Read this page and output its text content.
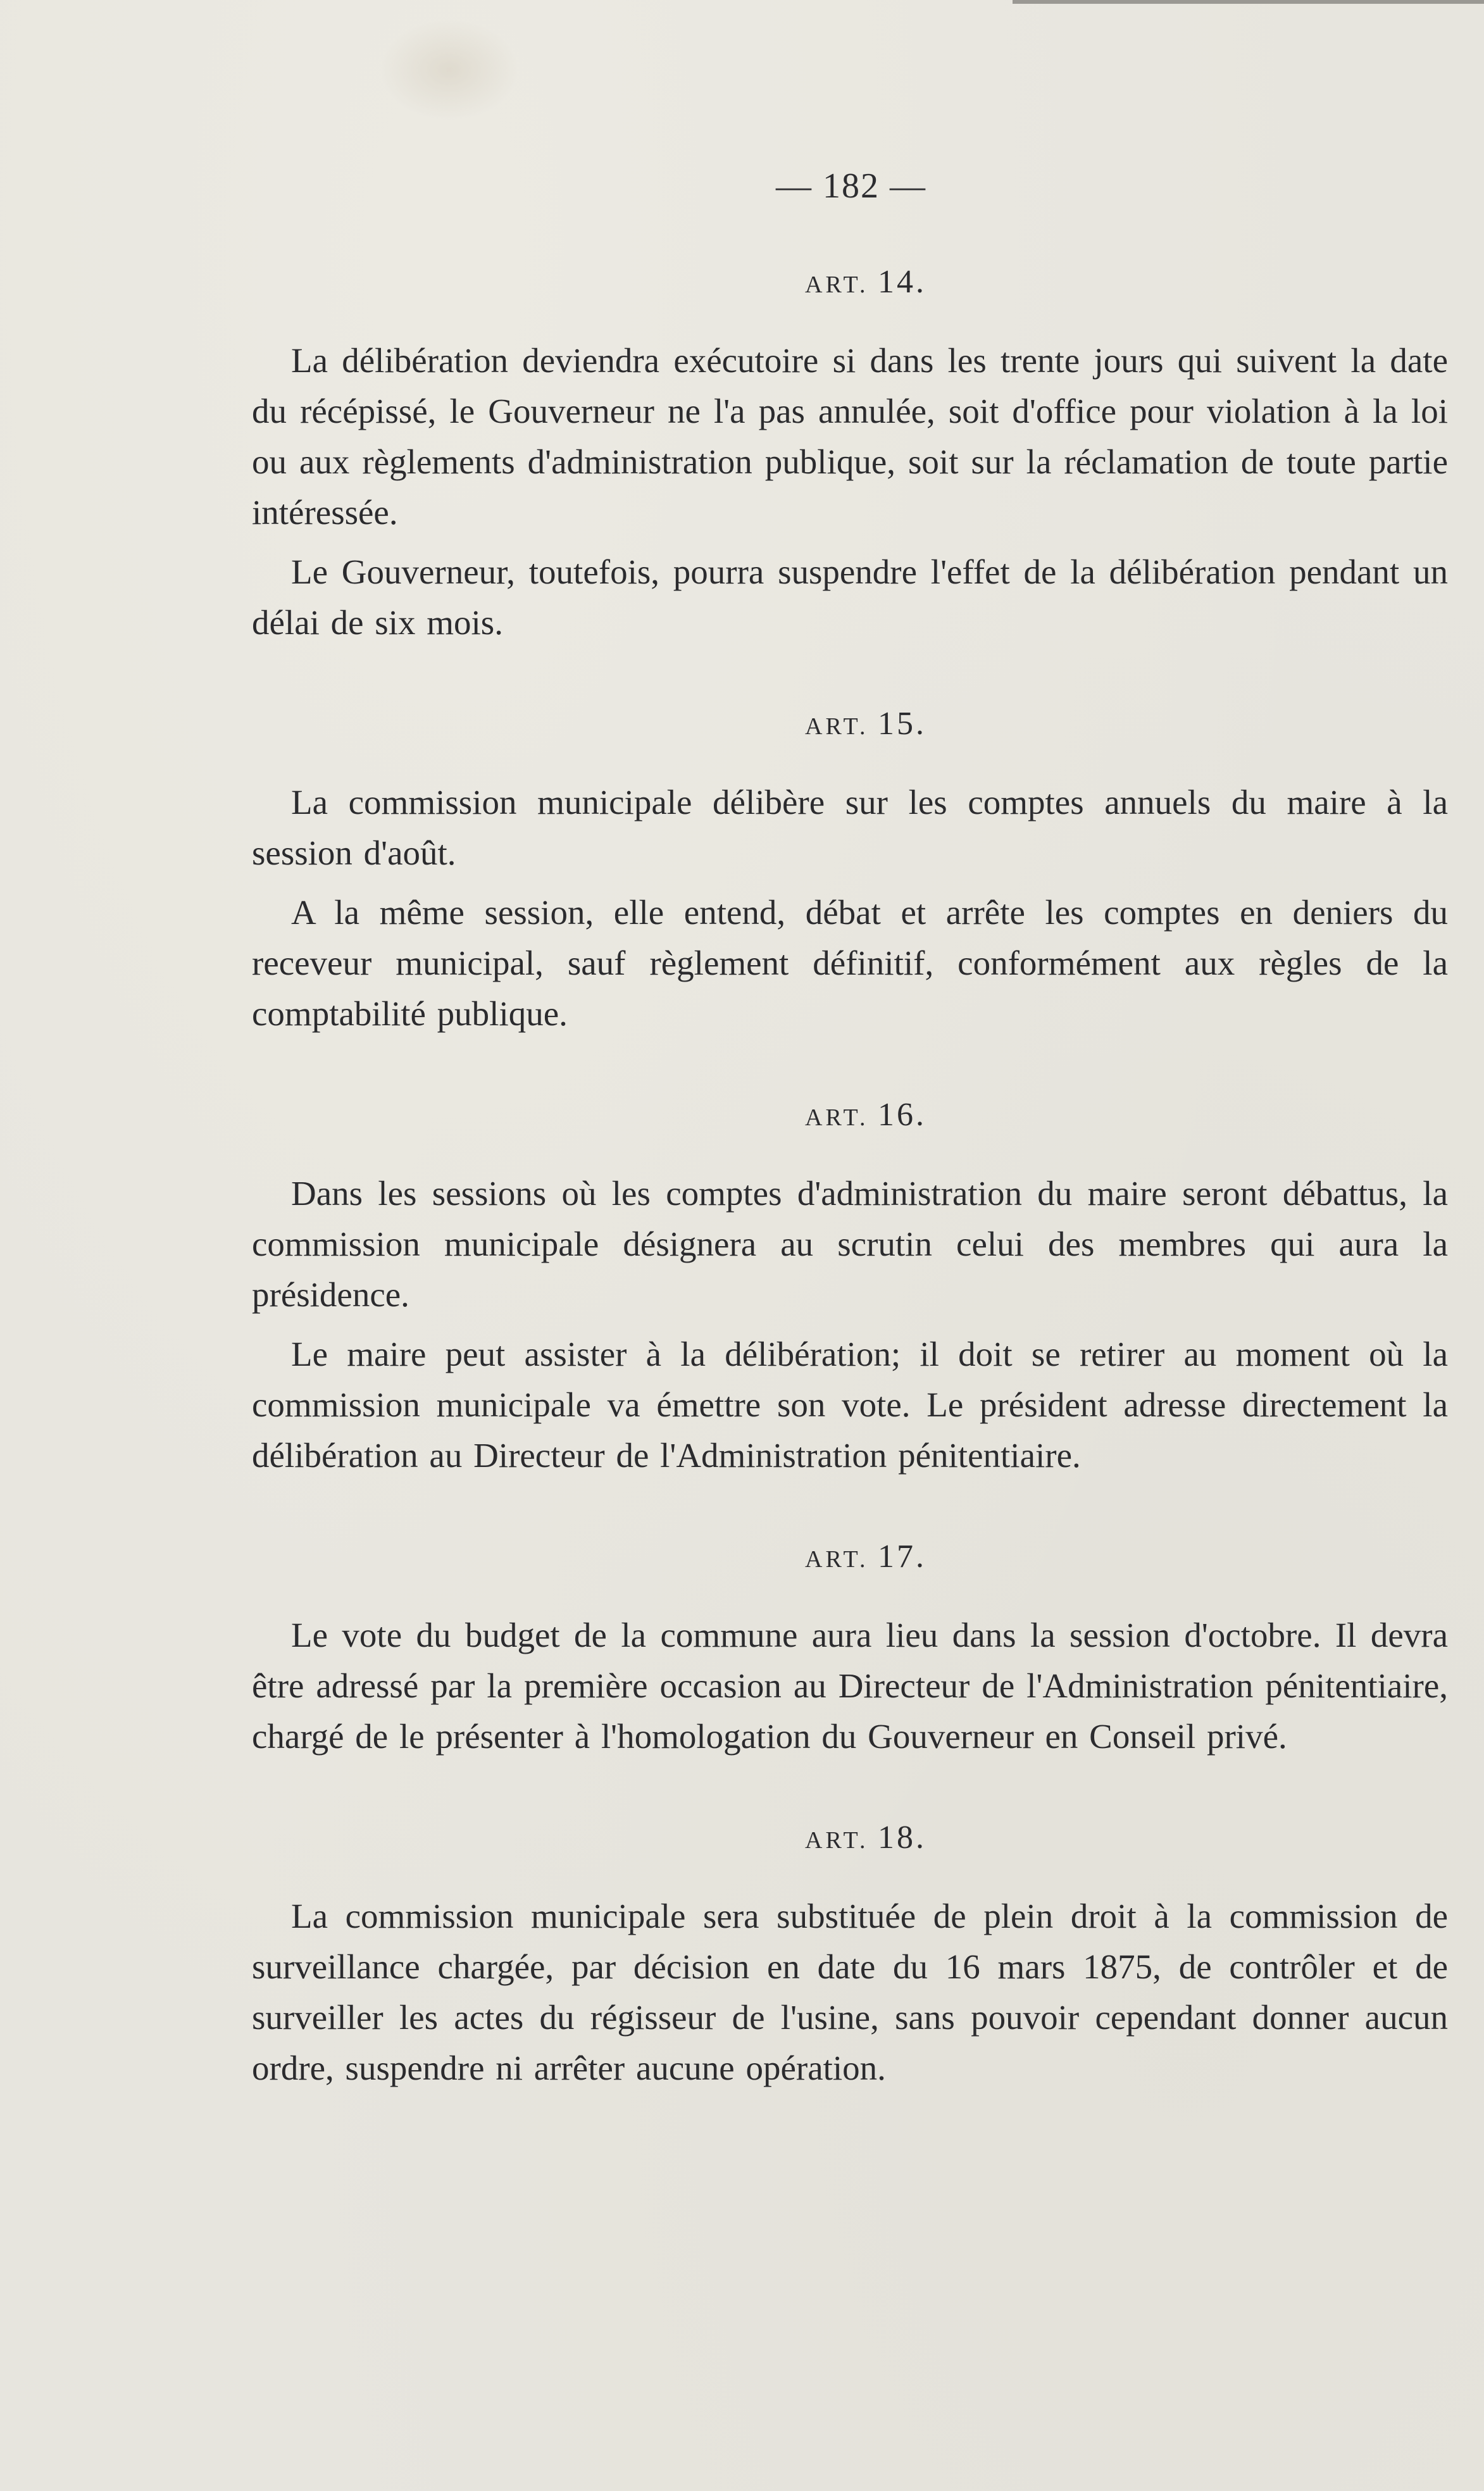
— 182 —
ART. 14.

La délibération deviendra exécutoire si dans les trente jours qui suivent la date du récépissé, le Gouverneur ne l'a pas annulée, soit d'office pour violation à la loi ou aux règlements d'administration publique, soit sur la réclamation de toute partie intéressée.

Le Gouverneur, toutefois, pourra suspendre l'effet de la délibération pendant un délai de six mois.

ART. 15.

La commission municipale délibère sur les comptes annuels du maire à la session d'août.

A la même session, elle entend, débat et arrête les comptes en deniers du receveur municipal, sauf règlement définitif, conformément aux règles de la comptabilité publique.

ART. 16.

Dans les sessions où les comptes d'administration du maire seront débattus, la commission municipale désignera au scrutin celui des membres qui aura la présidence.

Le maire peut assister à la délibération; il doit se retirer au moment où la commission municipale va émettre son vote. Le président adresse directement la délibération au Directeur de l'Administration pénitentiaire.

ART. 17.

Le vote du budget de la commune aura lieu dans la session d'octobre. Il devra être adressé par la première occasion au Directeur de l'Administration pénitentiaire, chargé de le présenter à l'homologation du Gouverneur en Conseil privé.

ART. 18.

La commission municipale sera substituée de plein droit à la commission de surveillance chargée, par décision en date du 16 mars 1875, de contrôler et de surveiller les actes du régisseur de l'usine, sans pouvoir cependant donner aucun ordre, suspendre ni arrêter aucune opération.
